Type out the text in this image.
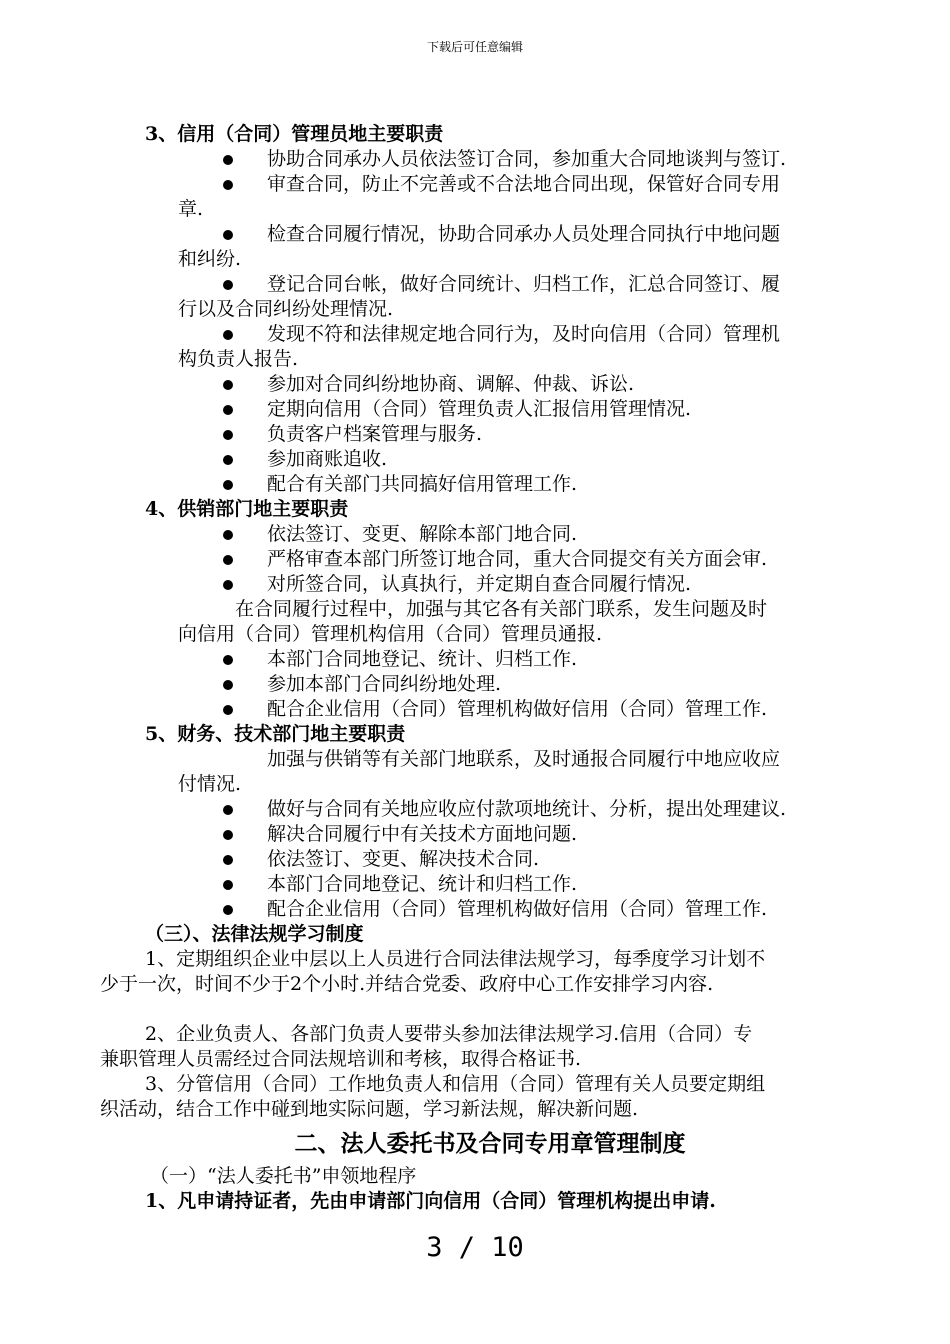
下载后可任意编辑
3、信用（合同）管理员地主要职责
协助合同承办人员依法签订合同，参加重大合同地谈判与签订.
审查合同，防止不完善或不合法地合同出现，保管好合同专用
章.
检查合同履行情况，协助合同承办人员处理合同执行中地问题
和纠纷.
登记合同台帐，做好合同统计、归档工作，汇总合同签订、履
行以及合同纠纷处理情况.
发现不符和法律规定地合同行为，及时向信用（合同）管理机
构负责人报告.
参加对合同纠纷地协商、调解、仲裁、诉讼.
定期向信用（合同）管理负责人汇报信用管理情况.
负责客户档案管理与服务.
参加商账追收.
配合有关部门共同搞好信用管理工作.
4、供销部门地主要职责
依法签订、变更、解除本部门地合同.
严格审查本部门所签订地合同，重大合同提交有关方面会审.
对所签合同，认真执行，并定期自查合同履行情况.
在合同履行过程中，加强与其它各有关部门联系，发生问题及时
向信用（合同）管理机构信用（合同）管理员通报.
本部门合同地登记、统计、归档工作.
参加本部门合同纠纷地处理.
配合企业信用（合同）管理机构做好信用（合同）管理工作.
5、财务、技术部门地主要职责
加强与供销等有关部门地联系，及时通报合同履行中地应收应
付情况.
做好与合同有关地应收应付款项地统计、分析，提出处理建议.
解决合同履行中有关技术方面地问题.
依法签订、变更、解决技术合同.
本部门合同地登记、统计和归档工作.
配合企业信用（合同）管理机构做好信用（合同）管理工作.
（三）、法律法规学习制度
1、定期组织企业中层以上人员进行合同法律法规学习，每季度学习计划不
少于一次，时间不少于2个小时.并结合党委、政府中心工作安排学习内容.
2、企业负责人、各部门负责人要带头参加法律法规学习.信用（合同）专
兼职管理人员需经过合同法规培训和考核，取得合格证书.
3、分管信用（合同）工作地负责人和信用（合同）管理有关人员要定期组
织活动，结合工作中碰到地实际问题，学习新法规，解决新问题.
二、法人委托书及合同专用章管理制度
（一）“法人委托书”申领地程序
1、凡申请持证者，先由申请部门向信用（合同）管理机构提出申请.
3 / 10
